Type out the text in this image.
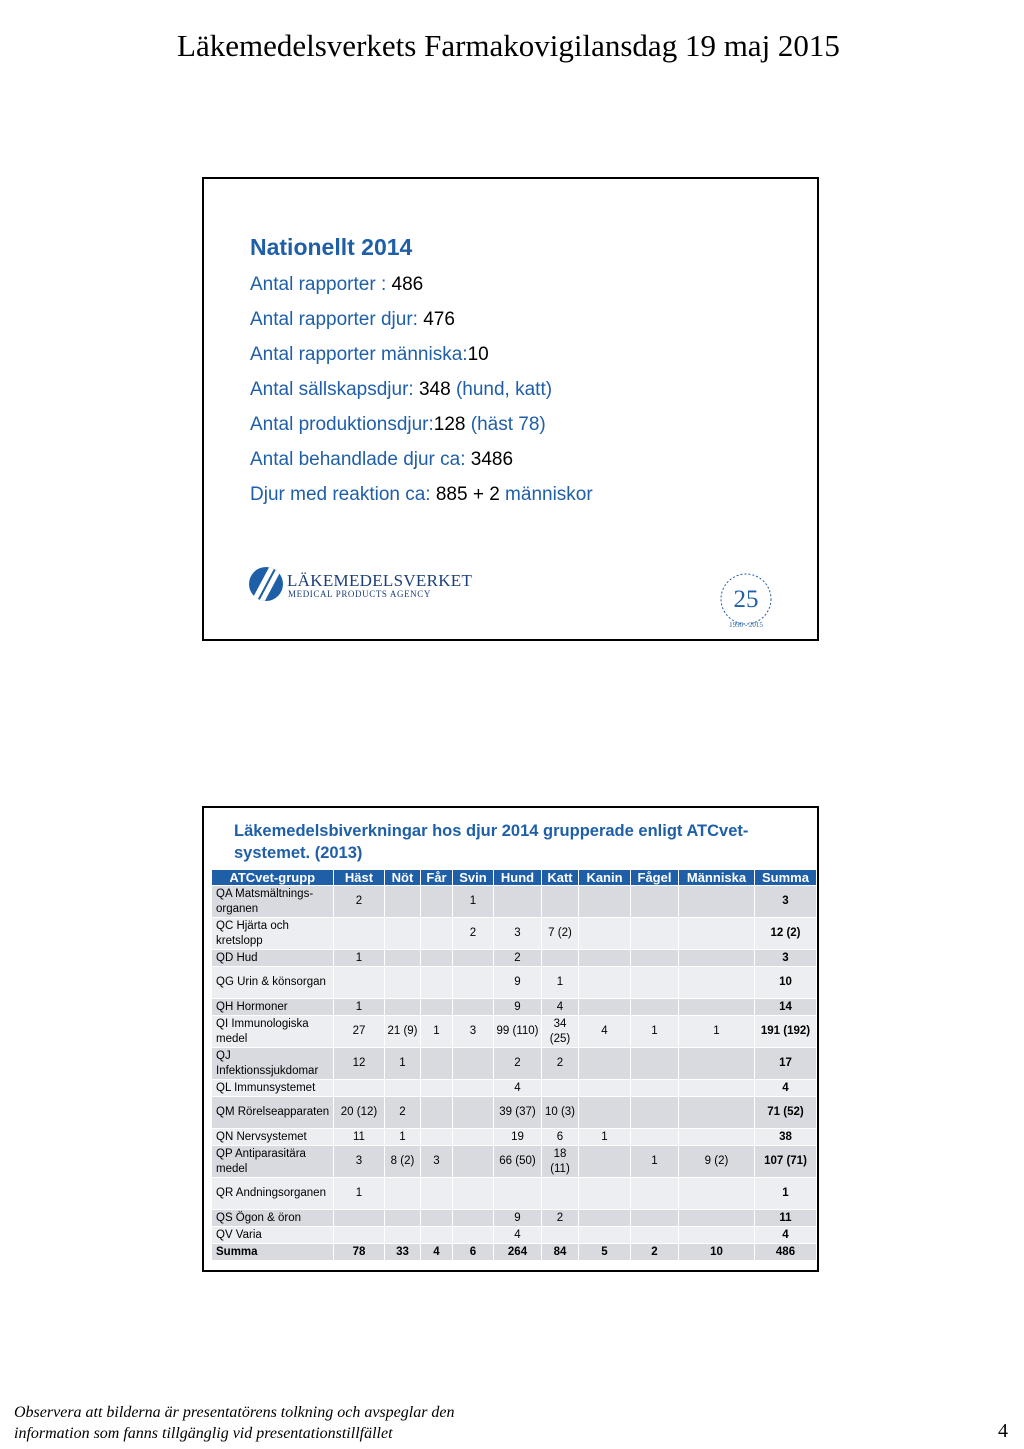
Läkemedelsverkets Farmakovigilansdag 19 maj 2015
Nationellt 2014
Antal rapporter : 486
Antal rapporter djur: 476
Antal rapporter människa:10
Antal sällskapsdjur: 348 (hund, katt)
Antal produktionsdjur:128 (häst 78)
Antal behandlade djur ca: 3486
Djur med reaktion ca: 885 + 2 människor
LÄKEMEDELSVERKET
MEDICAL PRODUCTS AGENCY	25
1990 - 2015
Läkemedelsbiverkningar hos djur 2014 grupperade enligt ATCvet-systemet. (2013)
ATCvet-grupp	Häst	Nöt	Får	Svin	Hund	Katt	Kanin	Fågel	Människa	Summa
QA Matsmältnings-organen	2			1						3
QC Hjärta och kretslopp				2	3	7 (2)				12 (2)
QD Hud	1				2					3
QG Urin & könsorgan					9	1				10
QH Hormoner	1				9	4				14
QI Immunologiska medel	27	21 (9)	1	3	99 (110)	34 (25)	4	1	1	191 (192)
QJ Infektionssjukdomar	12	1			2	2				17
QL Immunsystemet					4					4
QM Rörelseapparaten	20 (12)	2			39 (37)	10 (3)				71 (52)
QN Nervsystemet	11	1			19	6	1			38
QP Antiparasitära medel	3	8 (2)	3		66 (50)	18 (11)		1	9 (2)	107 (71)
QR Andningsorganen	1									1
QS Ögon & öron					9	2				11
QV Varia					4					4
Summa	78	33	4	6	264	84	5	2	10	486
Observera att bilderna är presentatörens tolkning och avspeglar den
information som fanns tillgänglig vid presentationstillfället	4
